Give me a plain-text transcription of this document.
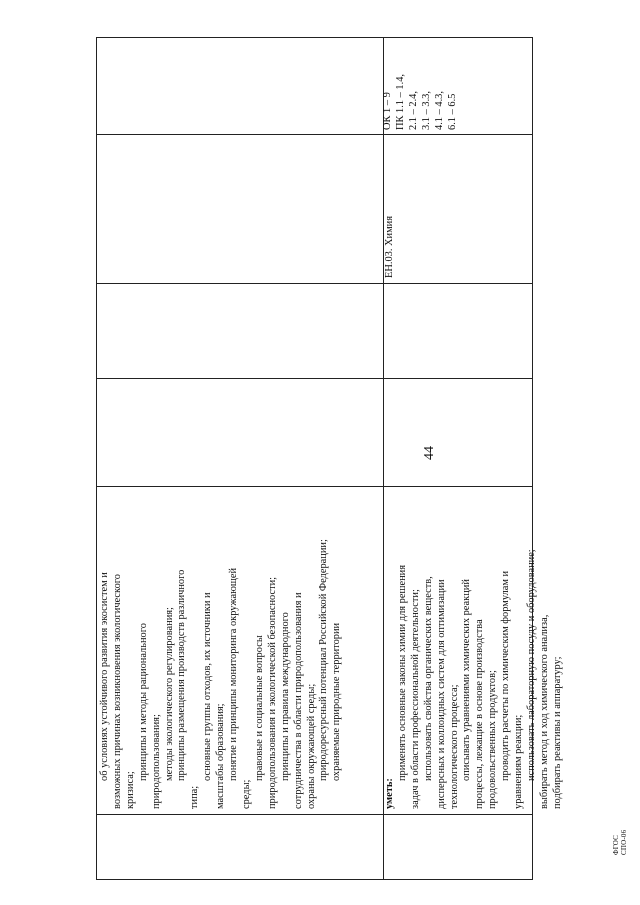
44

ОК 1 – 9 ПК 1.1 – 1.4, 2.1 – 2.4, 3.1 – 3.3, 4.1 – 4.3, 6.1 – 6.5

ЕН.03. Химия

об условиях устойчивого развития экосистем и возможных причинах возникновения экологического кризиса;

принципы и методы рационального природопользования; методы экологического регулирования; принципы размещения производств различного

типа;

основные группы отходов, их источники и масштабы образования; понятие и принципы мониторинга окружающей

среды;

правовые и социальные вопросы природопользования и экологической безопасности; принципы и правила международного сотрудничества в области природопользования и охраны окружающей среды; природоресурсный потенциал Российской Федерации; охраняемые природные территории

уметь:

применять основные законы химии для решения задач в области профессиональной деятельности; использовать свойства органических веществ, дисперсных и коллоидных систем для оптимизации технологического процесса; описывать уравнениями химических реакций процессы, лежащие в основе производства продовольственных продуктов; проводить расчеты по химическим формулам и уравнениям реакции; использовать лабораторную посуду и оборудование; выбирать метод и ход химического анализа, подбирать реактивы и аппаратуру;

ФГОС СПО-06
